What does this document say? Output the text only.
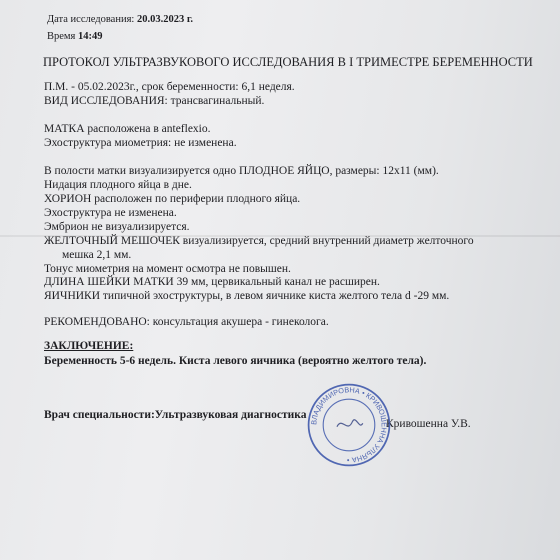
Дата исследования: 20.03.2023 г.
Время 14:49
ПРОТОКОЛ УЛЬТРАЗВУКОВОГО ИССЛЕДОВАНИЯ В I ТРИМЕСТРЕ БЕРЕМЕННОСТИ
П.М. - 05.02.2023г., срок беременности: 6,1 неделя.
ВИД ИССЛЕДОВАНИЯ: трансвагинальный.
МАТКА расположена в anteflexio.
Эхоструктура миометрия: не изменена.
В полости матки визуализируется одно ПЛОДНОЕ ЯЙЦО, размеры: 12x11 (мм).
Нидация плодного яйца в дне.
ХОРИОН расположен по периферии плодного яйца.
Эхоструктура не изменена.
Эмбрион не визуализируется.
ЖЕЛТОЧНЫЙ МЕШОЧЕК визуализируется, средний внутренний диаметр желточного
мешка 2,1 мм.
Тонус миометрия на момент осмотра не повышен.
ДЛИНА ШЕЙКИ МАТКИ 39 мм, цервикальный канал не расширен.
ЯИЧНИКИ типичной эхоструктуры, в левом яичнике киста желтого тела d -29 мм.
РЕКОМЕНДОВАНО: консультация акушера - гинеколога.
ЗАКЛЮЧЕНИЕ:
Беременность 5-6 недель. Киста левого яичника (вероятно желтого тела).
Врач специальности:Ультразвуковая диагностика
Кривошенна У.В.
ВЛАДИМИРОВНА • КРИВОШЕННА УЛЬЯНА •
